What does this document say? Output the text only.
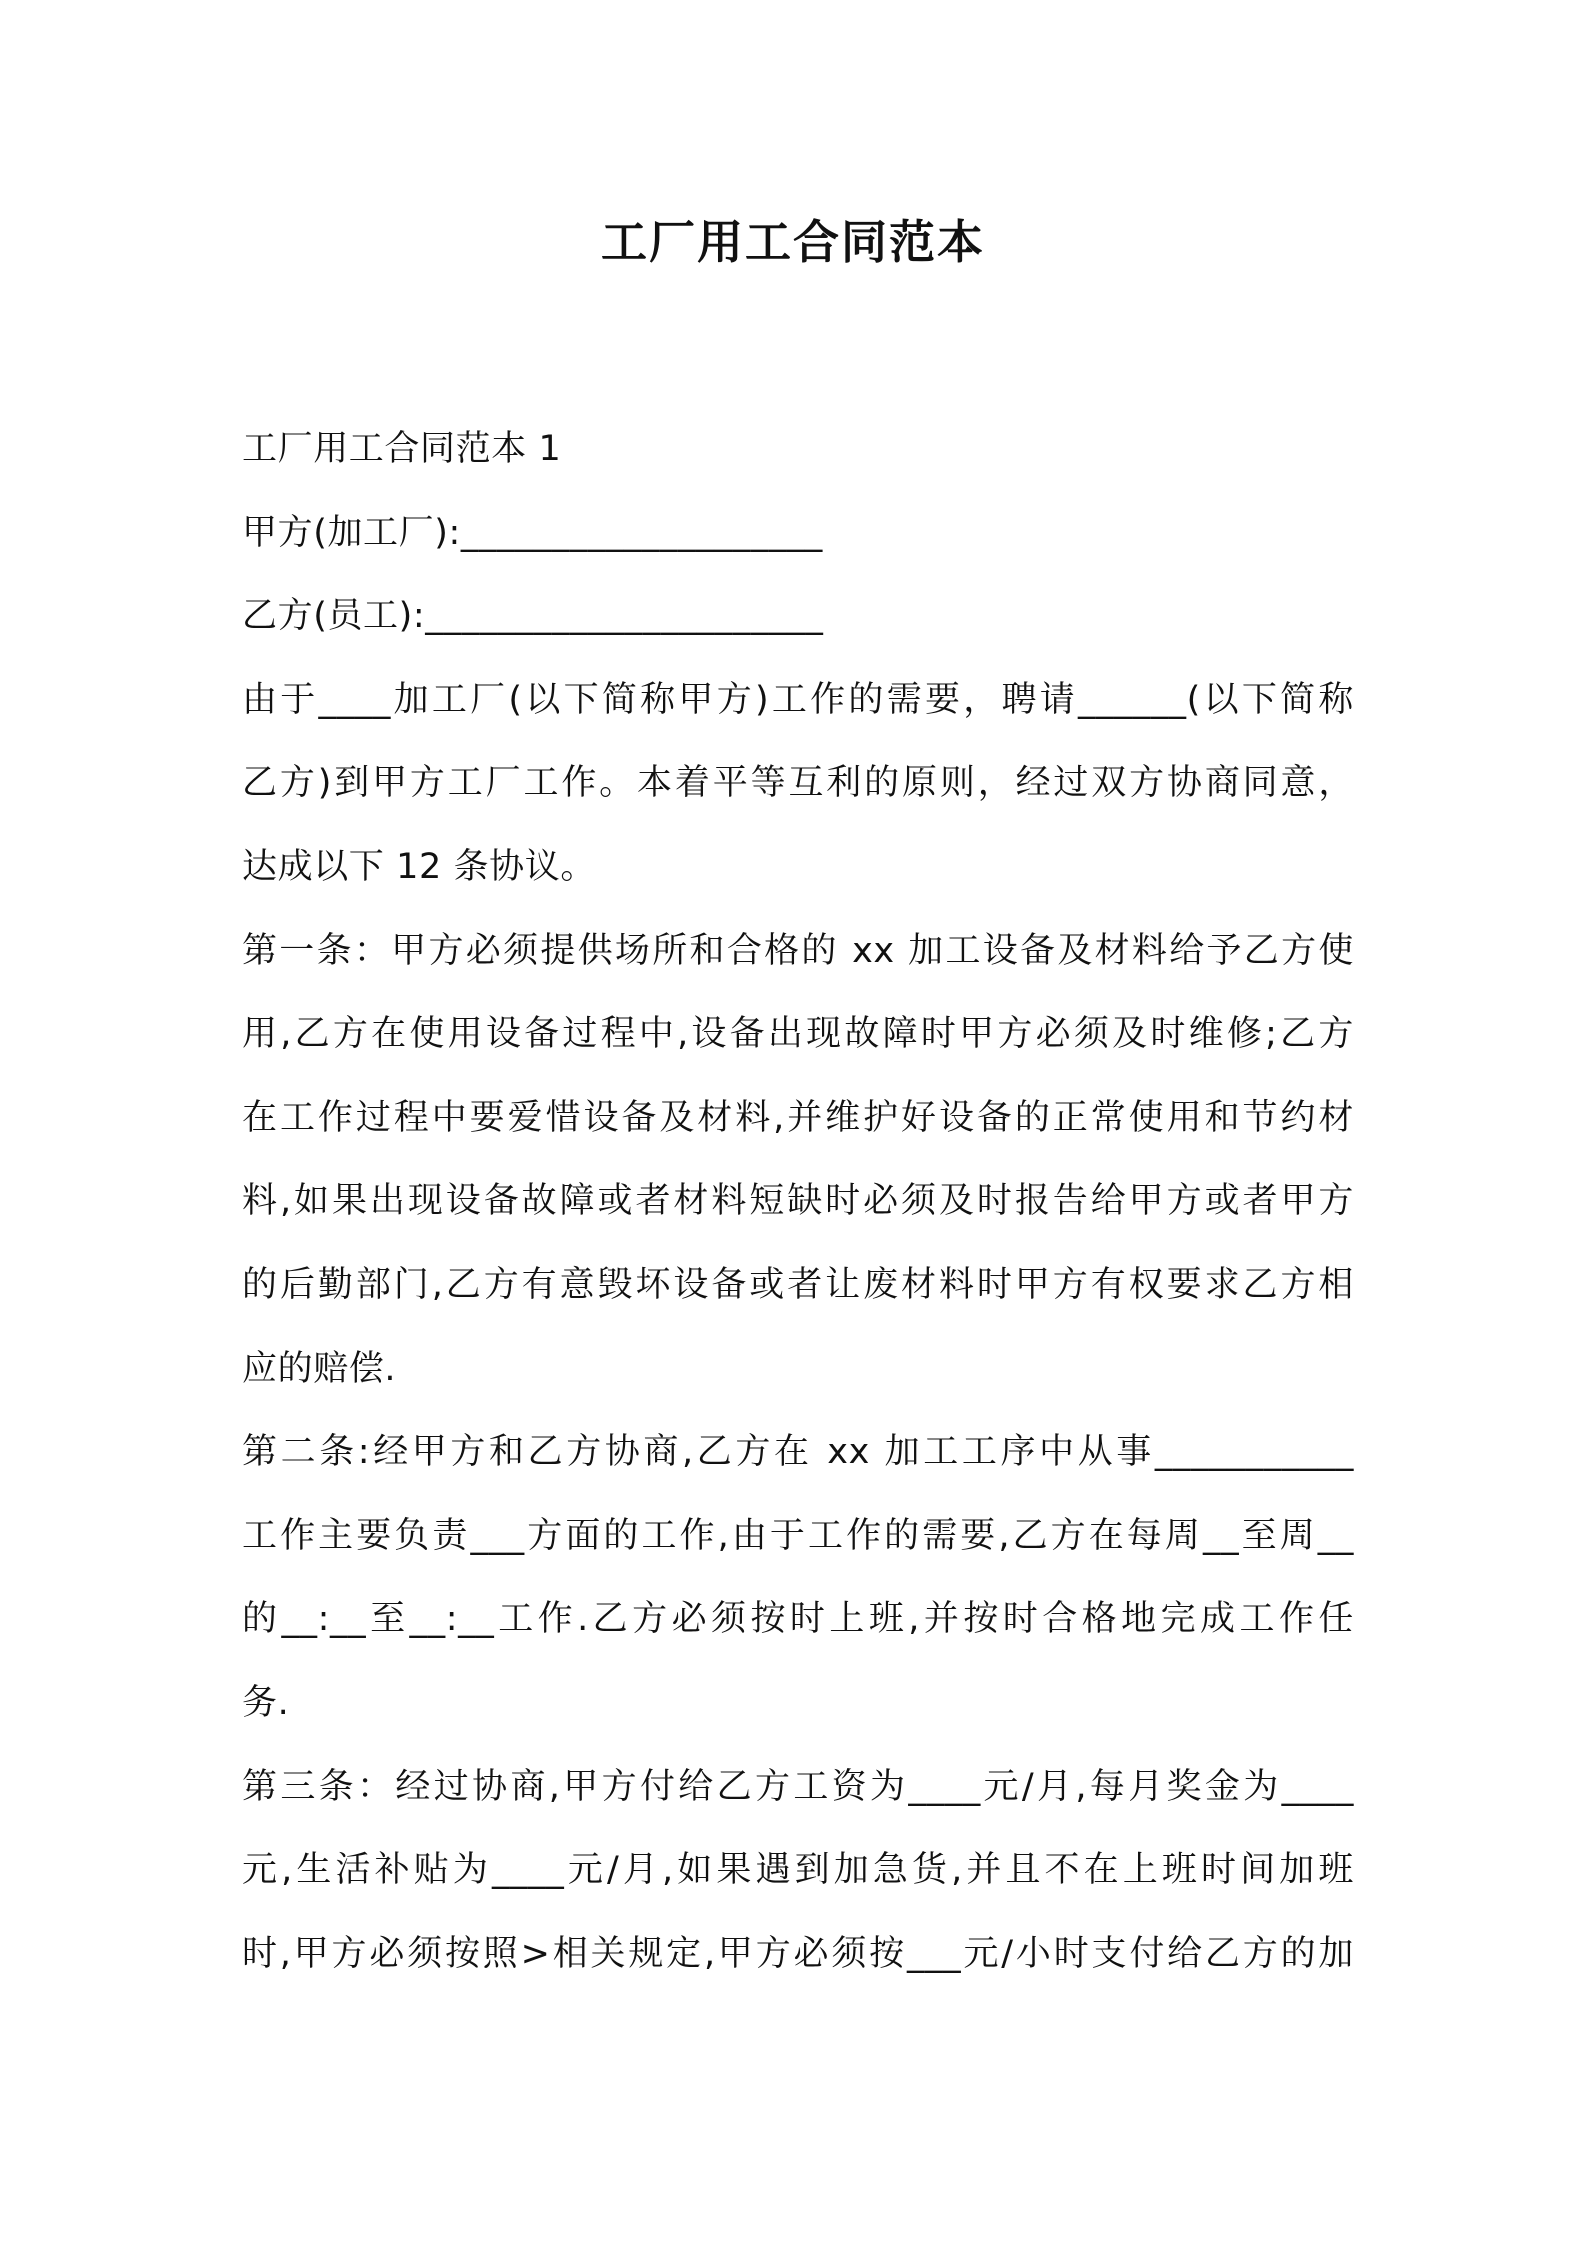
工厂用工合同范本
工厂用工合同范本 1
甲方(加工厂):____________________
乙方(员工):______________________
由于____加工厂(以下简称甲方)工作的需要，聘请______(以下简称
乙方)到甲方工厂工作。本着平等互利的原则，经过双方协商同意，
达成以下 12 条协议。
第一条：甲方必须提供场所和合格的 xx 加工设备及材料给予乙方使
用,乙方在使用设备过程中,设备出现故障时甲方必须及时维修;乙方
在工作过程中要爱惜设备及材料,并维护好设备的正常使用和节约材
料,如果出现设备故障或者材料短缺时必须及时报告给甲方或者甲方
的后勤部门,乙方有意毁坏设备或者让废材料时甲方有权要求乙方相
应的赔偿.
第二条:经甲方和乙方协商,乙方在 xx 加工工序中从事___________
工作主要负责___方面的工作,由于工作的需要,乙方在每周__至周__
的__:__至__:__工作.乙方必须按时上班,并按时合格地完成工作任
务.
第三条：经过协商,甲方付给乙方工资为____元/月,每月奖金为____
元,生活补贴为____元/月,如果遇到加急货,并且不在上班时间加班
时,甲方必须按照>相关规定,甲方必须按___元/小时支付给乙方的加
